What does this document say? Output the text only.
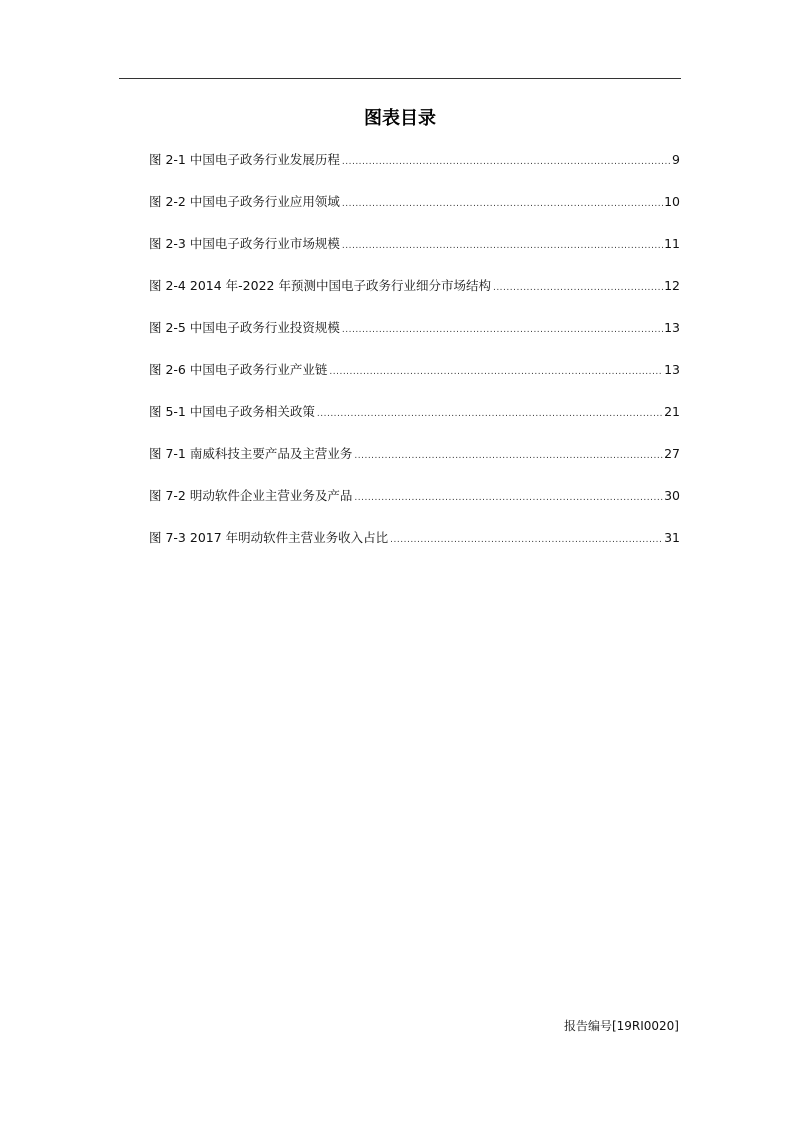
图表目录
图 2-1 中国电子政务行业发展历程 .....	9
图 2-2 中国电子政务行业应用领域 .....	10
图 2-3 中国电子政务行业市场规模 .....	11
图 2-4 2014 年-2022 年预测中国电子政务行业细分市场结构 .....	12
图 2-5 中国电子政务行业投资规模 .....	13
图 2-6 中国电子政务行业产业链 .....	13
图 5-1 中国电子政务相关政策 .....	21
图 7-1 南威科技主要产品及主营业务 .....	27
图 7-2 明动软件企业主营业务及产品 .....	30
图 7-3 2017 年明动软件主营业务收入占比 .....	31
报告编号[19RI0020]
